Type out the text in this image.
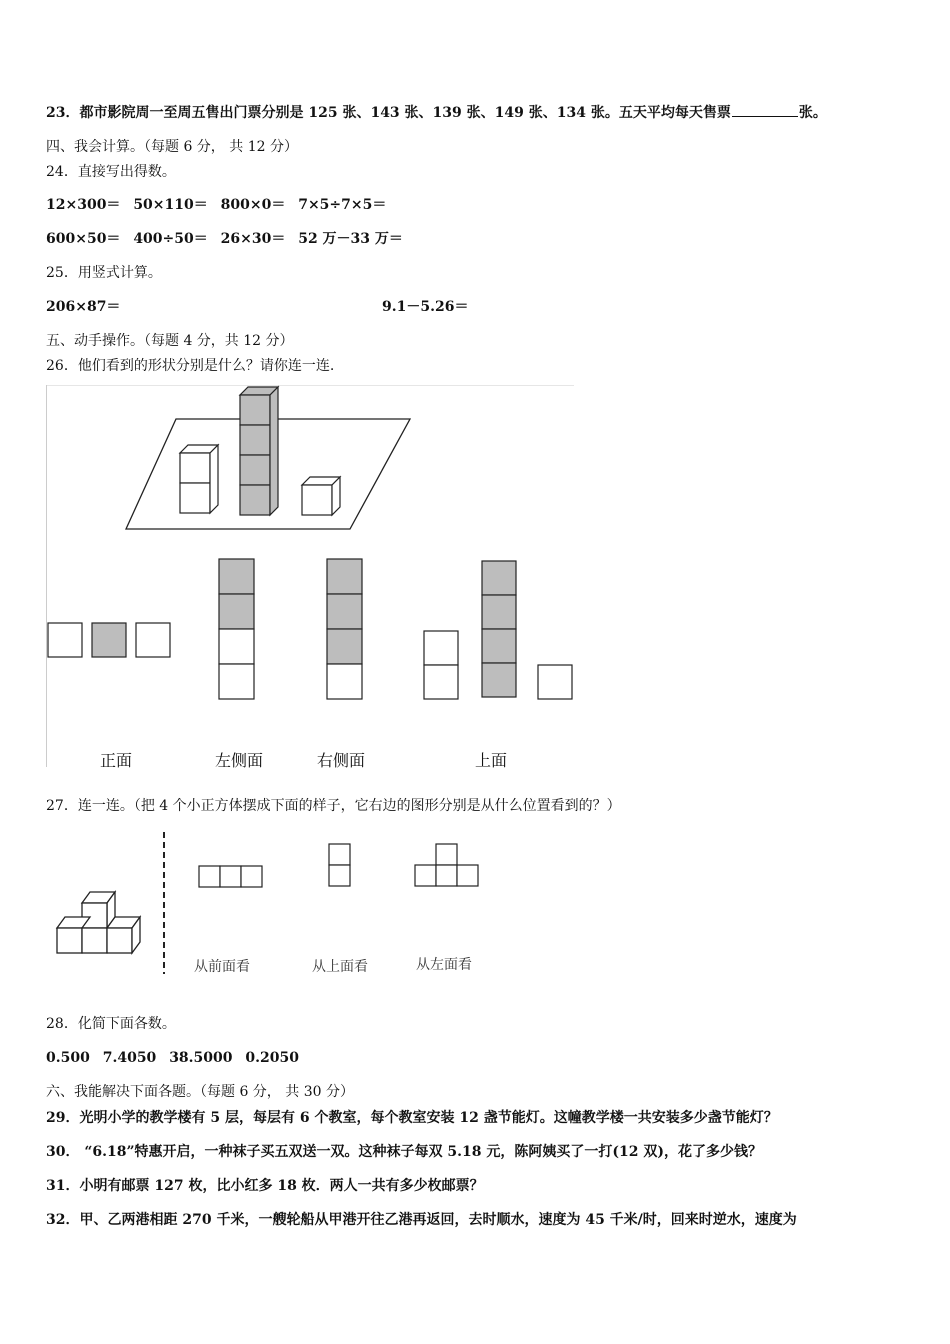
23．都市影院周一至周五售出门票分别是 125 张、143 张、139 张、149 张、134 张。五天平均每天售票	张。
四、我会计算。（每题 6 分， 共 12 分）
24．直接写出得数。
12×300＝ 50×110＝ 800×0＝ 7×5÷7×5＝
600×50＝ 400÷50＝ 26×30＝ 52 万－33 万＝
25．用竖式计算。
206×87＝	9.1－5.26＝
五、动手操作。（每题 4 分，共 12 分）
26．他们看到的形状分别是什么？请你连一连.
正面	左侧面	右侧面	上面
27．连一连。（把 4 个小正方体摆成下面的样子，它右边的图形分别是从什么位置看到的？）
从前面看	从上面看	从左面看
28．化简下面各数。
0.500 7.4050 38.5000 0.2050
六、我能解决下面各题。（每题 6 分， 共 30 分）
29．光明小学的教学楼有 5 层，每层有 6 个教室，每个教室安装 12 盏节能灯。这幢教学楼一共安装多少盏节能灯？
30． “6.18”特惠开启，一种袜子买五双送一双。这种袜子每双 5.18 元，陈阿姨买了一打(12 双)，花了多少钱？
31．小明有邮票 127 枚，比小红多 18 枚．两人一共有多少枚邮票？
32．甲、乙两港相距 270 千米，一艘轮船从甲港开往乙港再返回，去时顺水，速度为 45 千米/时，回来时逆水，速度为
